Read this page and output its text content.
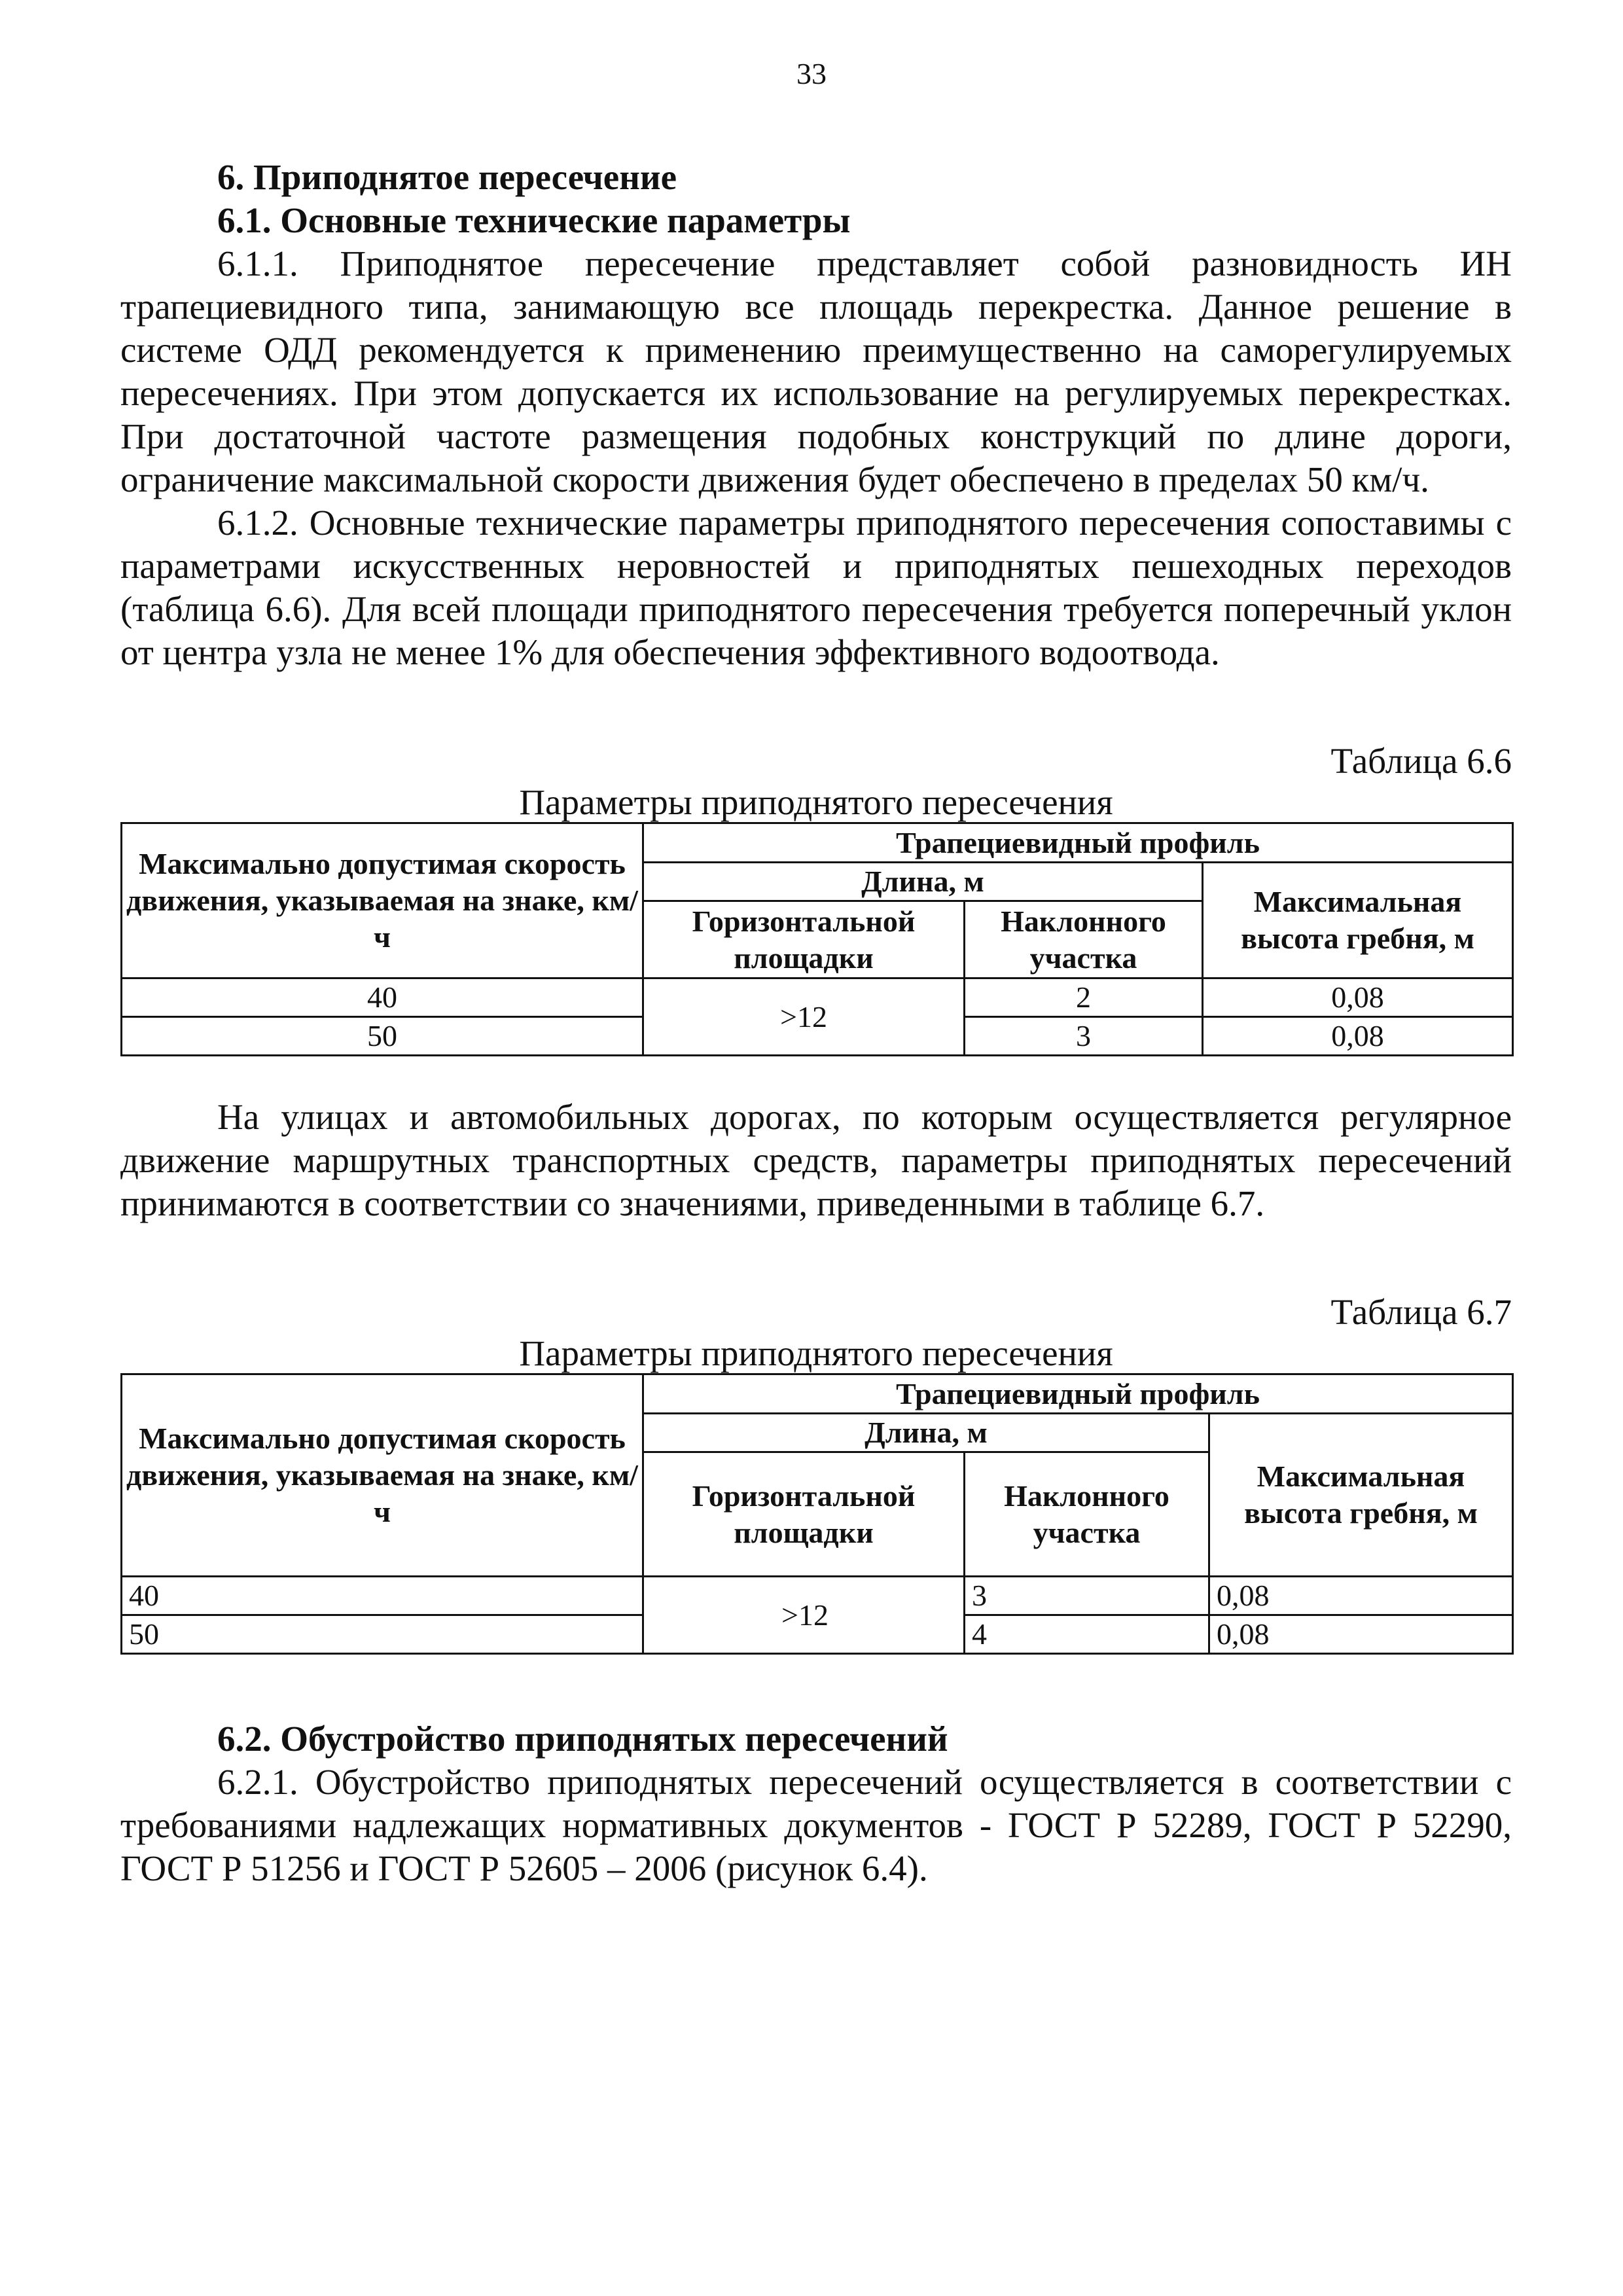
33

6. Приподнятое пересечение

6.1. Основные технические параметры

6.1.1. Приподнятое пересечение представляет собой разновидность ИН трапециевидного типа, занимающую все площадь перекрестка. Данное решение в системе ОДД рекомендуется к применению преимущественно на саморегулируемых пересечениях. При этом допускается их использование на регулируемых перекрестках. При достаточной частоте размещения подобных конструкций по длине дороги, ограничение максимальной скорости движения будет обеспечено в пределах 50 км/ч.

6.1.2. Основные технические параметры приподнятого пересечения сопоставимы с параметрами искусственных неровностей и приподнятых пешеходных переходов (таблица 6.6). Для всей площади приподнятого пересечения требуется поперечный уклон от центра узла не менее 1% для обеспечения эффективного водоотвода.

Таблица 6.6
Параметры приподнятого пересечения
Максимально допустимая скорость движения, указываемая на знаке, км/ч	Трапециевидный профиль		
	Длина, м		Максимальная высота гребня, м
	Горизонтальной площадки	Наклонного участка	
40	>12	2	0,08
50		3	0,08

На улицах и автомобильных дорогах, по которым осуществляется регулярное движение маршрутных транспортных средств, параметры приподнятых пересечений принимаются в соответствии со значениями, приведенными в таблице 6.7.

Таблица 6.7
Параметры приподнятого пересечения
Максимально допустимая скорость движения, указываемая на знаке, км/ч	Трапециевидный профиль		
	Длина, м		Максимальная высота гребня, м
	Горизонтальной площадки	Наклонного участка	
40	>12	3	0,08
50		4	0,08

6.2. Обустройство приподнятых пересечений

6.2.1. Обустройство приподнятых пересечений осуществляется в соответствии с требованиями надлежащих нормативных документов - ГОСТ Р 52289, ГОСТ Р 52290, ГОСТ Р 51256 и ГОСТ Р 52605 – 2006 (рисунок 6.4).
